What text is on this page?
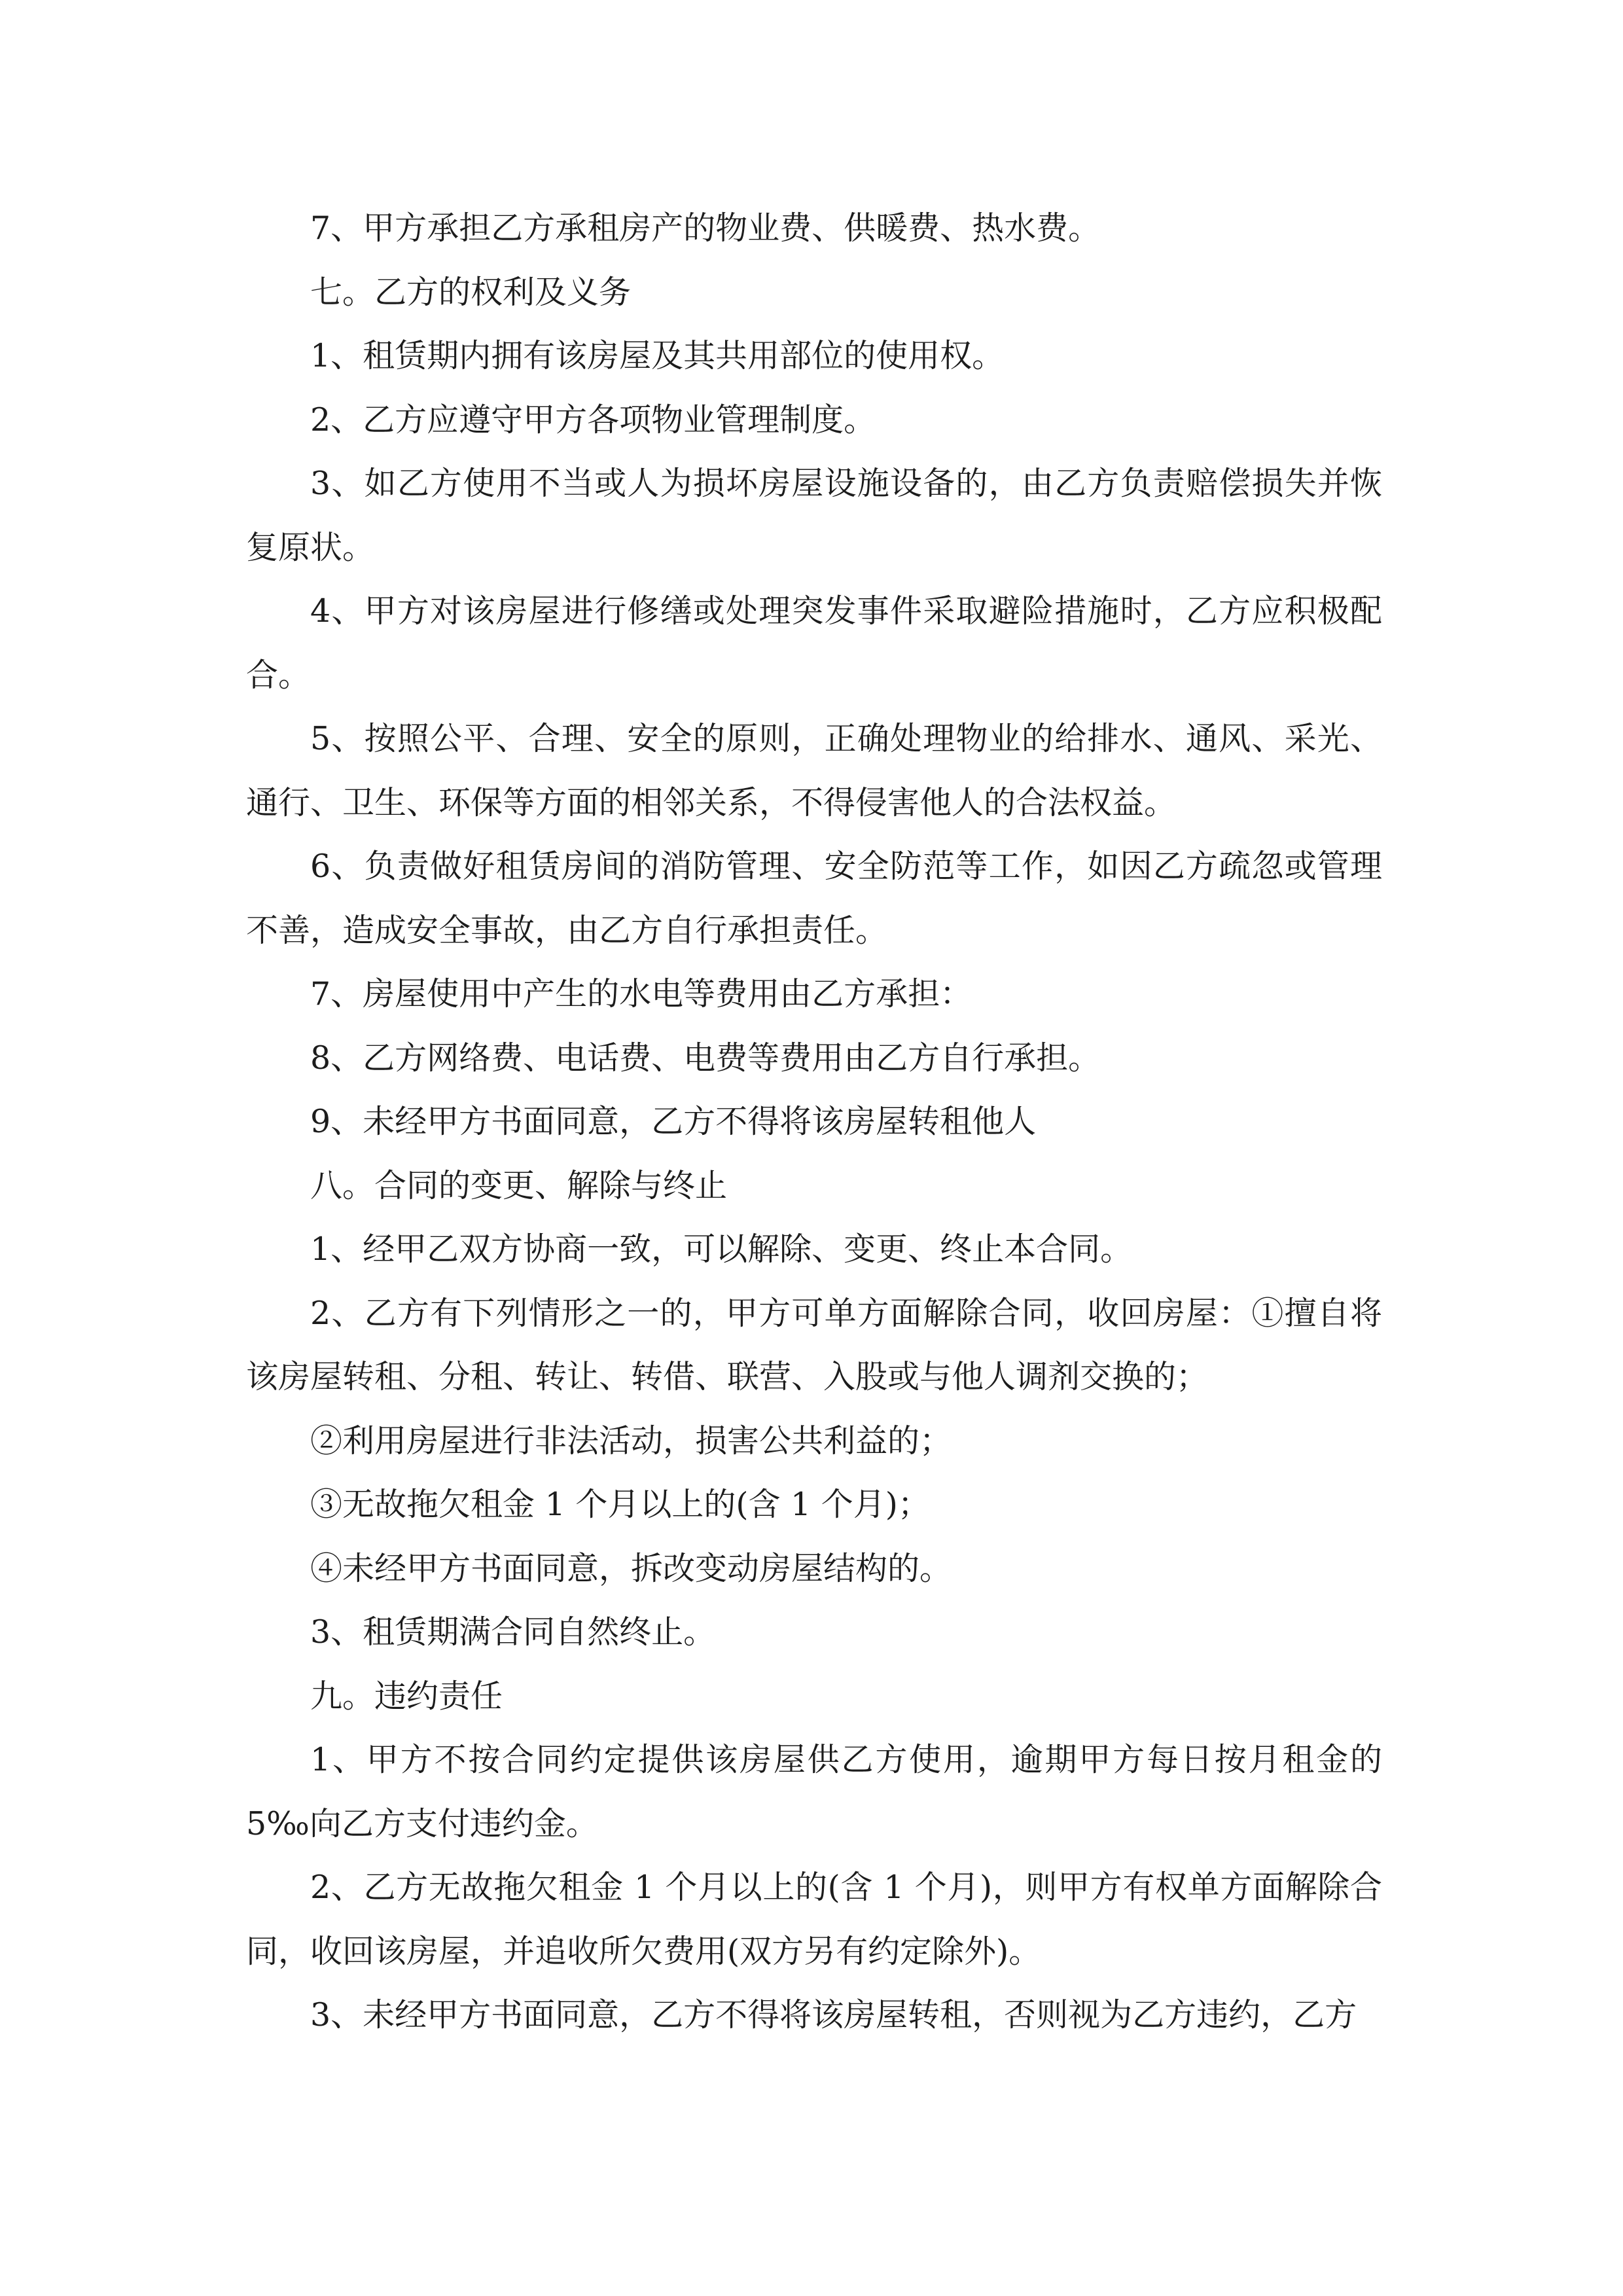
7、甲方承担乙方承租房产的物业费、供暖费、热水费。

七。乙方的权利及义务

1、租赁期内拥有该房屋及其共用部位的使用权。

2、乙方应遵守甲方各项物业管理制度。

3、如乙方使用不当或人为损坏房屋设施设备的，由乙方负责赔偿损失并恢复原状。

4、甲方对该房屋进行修缮或处理突发事件采取避险措施时，乙方应积极配合。

5、按照公平、合理、安全的原则，正确处理物业的给排水、通风、采光、通行、卫生、环保等方面的相邻关系，不得侵害他人的合法权益。

6、负责做好租赁房间的消防管理、安全防范等工作，如因乙方疏忽或管理不善，造成安全事故，由乙方自行承担责任。

7、房屋使用中产生的水电等费用由乙方承担：

8、乙方网络费、电话费、电费等费用由乙方自行承担。

9、未经甲方书面同意，乙方不得将该房屋转租他人

八。合同的变更、解除与终止

1、经甲乙双方协商一致，可以解除、变更、终止本合同。

2、乙方有下列情形之一的，甲方可单方面解除合同，收回房屋：①擅自将该房屋转租、分租、转让、转借、联营、入股或与他人调剂交换的；

②利用房屋进行非法活动，损害公共利益的；

③无故拖欠租金 1 个月以上的(含 1 个月)；

④未经甲方书面同意，拆改变动房屋结构的。

3、租赁期满合同自然终止。

九。违约责任

1、甲方不按合同约定提供该房屋供乙方使用，逾期甲方每日按月租金的 5‰向乙方支付违约金。

2、乙方无故拖欠租金 1 个月以上的(含 1 个月)，则甲方有权单方面解除合同，收回该房屋，并追收所欠费用(双方另有约定除外)。

3、未经甲方书面同意，乙方不得将该房屋转租，否则视为乙方违约，乙方
